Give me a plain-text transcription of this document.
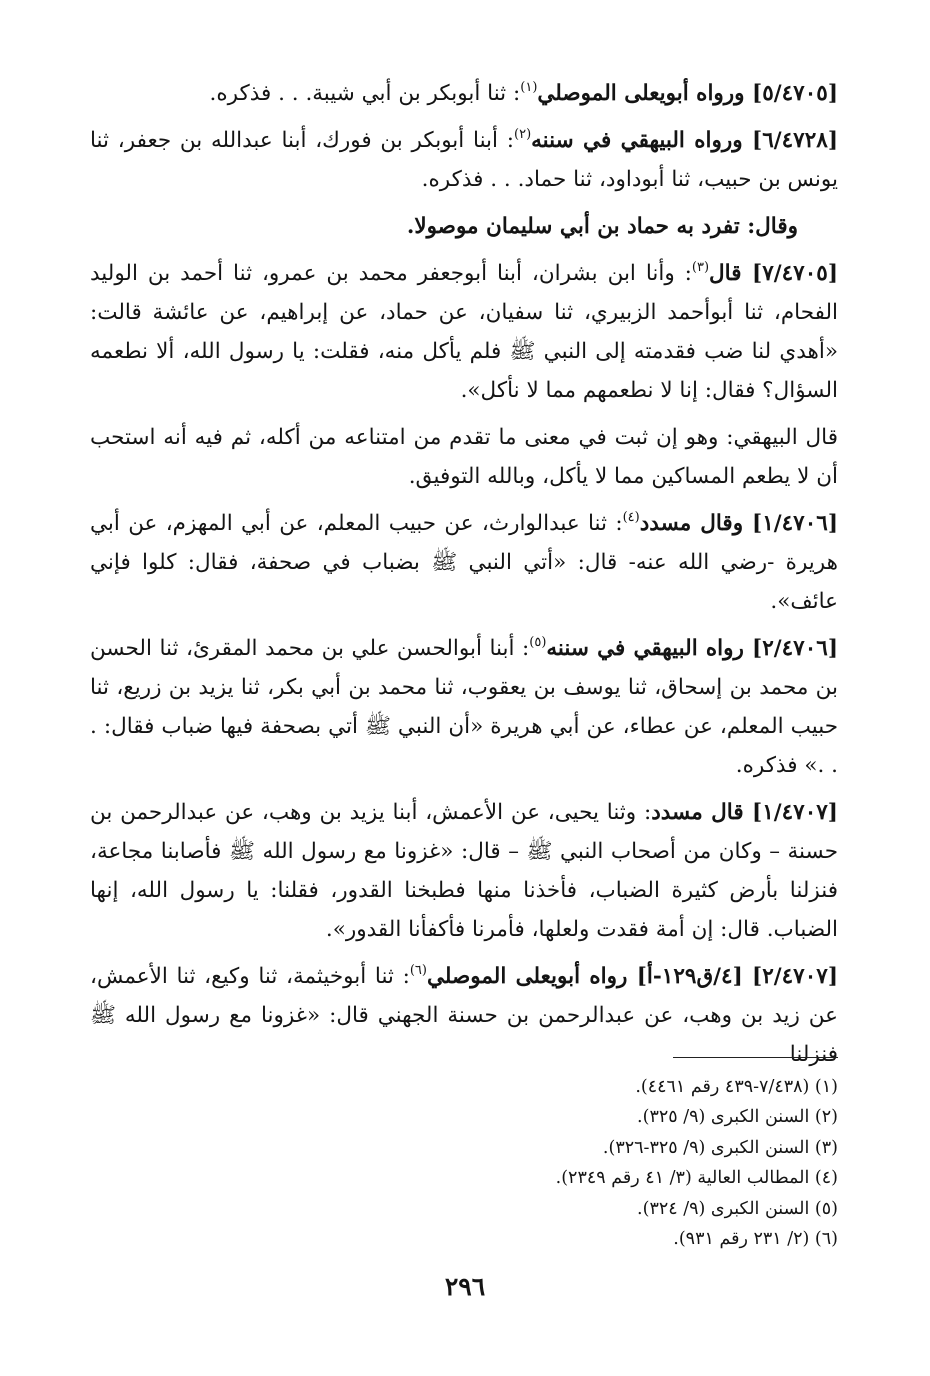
[٥/٤٧٠٥] ورواه أبويعلى الموصلي$^{(١)}$: ثنا أبوبكر بن أبي شيبة. . . فذكره.

[٦/٤٧٢٨] ورواه البيهقي في سننه$^{(٢)}$: أبنا أبوبكر بن فورك، أبنا عبدالله بن جعفر، ثنا يونس بن حبيب، ثنا أبوداود، ثنا حماد. . . فذكره.

وقال: تفرد به حماد بن أبي سليمان موصولا.

[٧/٤٧٠٥] قال$^{(٣)}$: وأنا ابن بشران، أبنا أبوجعفر محمد بن عمرو، ثنا أحمد بن الوليد الفحام، ثنا أبوأحمد الزبيري، ثنا سفيان، عن حماد، عن إبراهيم، عن عائشة قالت: «أهدي لنا ضب فقدمته إلى النبي ﷺ فلم يأكل منه، فقلت: يا رسول الله، ألا نطعمه السؤال؟ فقال: إنا لا نطعمهم مما لا نأكل».

قال البيهقي: وهو إن ثبت في معنى ما تقدم من امتناعه من أكله، ثم فيه أنه استحب أن لا يطعم المساكين مما لا يأكل، وبالله التوفيق.

[١/٤٧٠٦] وقال مسدد$^{(٤)}$: ثنا عبدالوارث، عن حبيب المعلم، عن أبي المهزم، عن أبي هريرة -رضي الله عنه- قال: «أتي النبي ﷺ بضباب في صحفة، فقال: كلوا فإني عائف».

[٢/٤٧٠٦] رواه البيهقي في سننه$^{(٥)}$: أبنا أبوالحسن علي بن محمد المقرئ، ثنا الحسن بن محمد بن إسحاق، ثنا يوسف بن يعقوب، ثنا محمد بن أبي بكر، ثنا يزيد بن زريع، ثنا حبيب المعلم، عن عطاء، عن أبي هريرة «أن النبي ﷺ أتي بصحفة فيها ضباب فقال: . . .» فذكره.

[١/٤٧٠٧] قال مسدد: وثنا يحيى، عن الأعمش، أبنا يزيد بن وهب، عن عبدالرحمن بن حسنة – وكان من أصحاب النبي ﷺ – قال: «غزونا مع رسول الله ﷺ فأصابنا مجاعة، فنزلنا بأرض كثيرة الضباب، فأخذنا منها فطبخنا القدور، فقلنا: يا رسول الله، إنها الضباب. قال: إن أمة فقدت ولعلها، فأمرنا فأكفأنا القدور».

[٢/٤٧٠٧] [٤/ق١٢٩-أ] رواه أبويعلى الموصلي$^{(٦)}$: ثنا أبوخيثمة، ثنا وكيع، ثنا الأعمش، عن زيد بن وهب، عن عبدالرحمن بن حسنة الجهني قال: «غزونا مع رسول الله ﷺ فنزلنا

(١) (٧/٤٣٨-٤٣٩ رقم ٤٤٦١).

(٢) السنن الكبرى (٩/ ٣٢٥).

(٣) السنن الكبرى (٩/ ٣٢٥-٣٢٦).

(٤) المطالب العالية (٣/ ٤١ رقم ٢٣٤٩).

(٥) السنن الكبرى (٩/ ٣٢٤).

(٦) (٢/ ٢٣١ رقم ٩٣١).

٢٩٦
